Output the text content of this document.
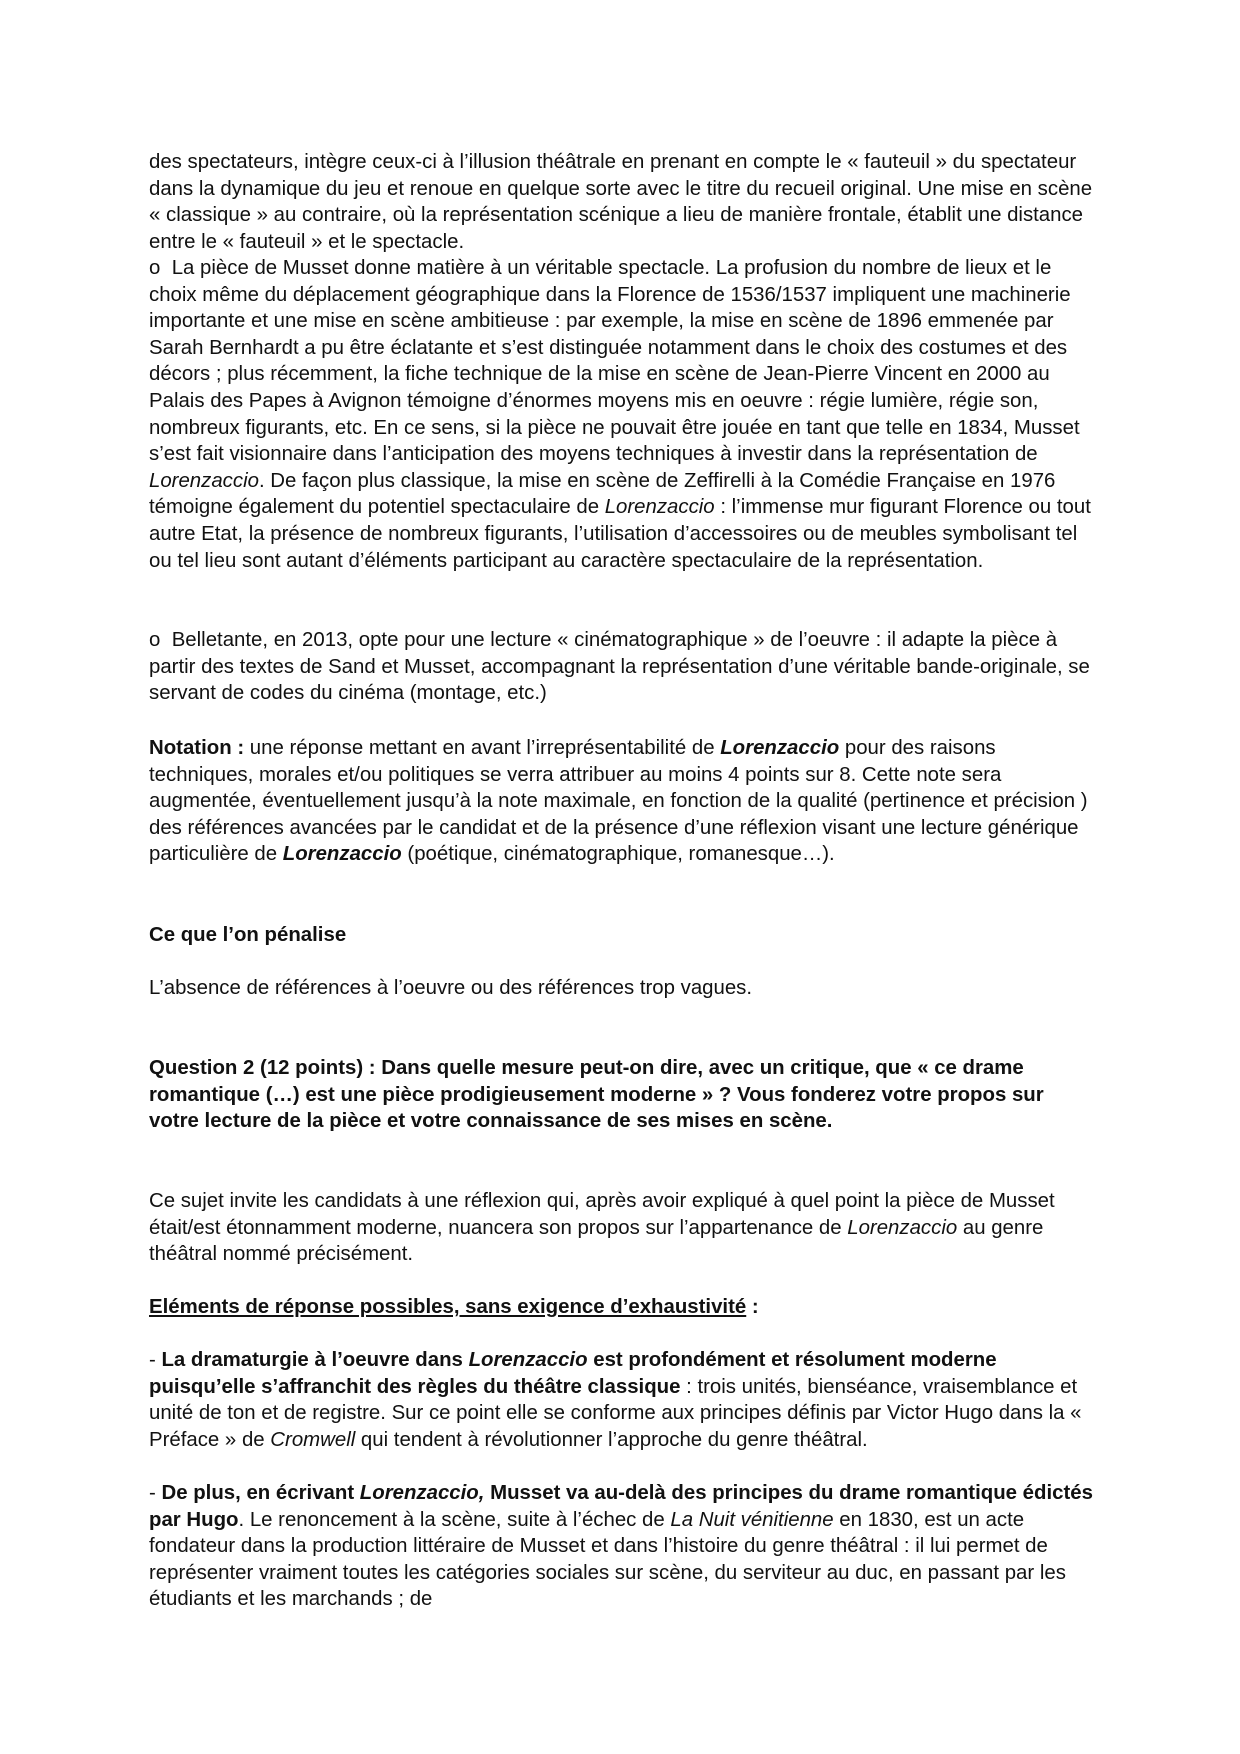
des spectateurs, intègre ceux-ci à l’illusion théâtrale en prenant en compte le « fauteuil » du spectateur dans la dynamique du jeu et renoue en quelque sorte avec le titre du recueil original. Une mise en scène « classique » au contraire, où la représentation scénique a lieu de manière frontale, établit une distance entre le « fauteuil » et le spectacle.

o La pièce de Musset donne matière à un véritable spectacle. La profusion du nombre de lieux et le choix même du déplacement géographique dans la Florence de 1536/1537 impliquent une machinerie importante et une mise en scène ambitieuse : par exemple, la mise en scène de 1896 emmenée par Sarah Bernhardt a pu être éclatante et s’est distinguée notamment dans le choix des costumes et des décors ; plus récemment, la fiche technique de la mise en scène de Jean-Pierre Vincent en 2000 au Palais des Papes à Avignon témoigne d’énormes moyens mis en oeuvre : régie lumière, régie son, nombreux figurants, etc. En ce sens, si la pièce ne pouvait être jouée en tant que telle en 1834, Musset s’est fait visionnaire dans l’anticipation des moyens techniques à investir dans la représentation de Lorenzaccio. De façon plus classique, la mise en scène de Zeffirelli à la Comédie Française en 1976 témoigne également du potentiel spectaculaire de Lorenzaccio : l’immense mur figurant Florence ou tout autre Etat, la présence de nombreux figurants, l’utilisation d’accessoires ou de meubles symbolisant tel ou tel lieu sont autant d’éléments participant au caractère spectaculaire de la représentation.

o Belletante, en 2013, opte pour une lecture « cinématographique » de l’oeuvre : il adapte la pièce à partir des textes de Sand et Musset, accompagnant la représentation d’une véritable bande-originale, se servant de codes du cinéma (montage, etc.)

Notation : une réponse mettant en avant l’irreprésentabilité de Lorenzaccio pour des raisons techniques, morales et/ou politiques se verra attribuer au moins 4 points sur 8. Cette note sera augmentée, éventuellement jusqu’à la note maximale, en fonction de la qualité (pertinence et précision ) des références avancées par le candidat et de la présence d’une réflexion visant une lecture générique particulière de Lorenzaccio (poétique, cinématographique, romanesque…).

Ce que l’on pénalise

L’absence de références à l’oeuvre ou des références trop vagues.

Question 2 (12 points) : Dans quelle mesure peut-on dire, avec un critique, que « ce drame romantique (…) est une pièce prodigieusement moderne » ? Vous fonderez votre propos sur votre lecture de la pièce et votre connaissance de ses mises en scène.

Ce sujet invite les candidats à une réflexion qui, après avoir expliqué à quel point la pièce de Musset était/est étonnamment moderne, nuancera son propos sur l’appartenance de Lorenzaccio au genre théâtral nommé précisément.

Eléments de réponse possibles, sans exigence d’exhaustivité :

- La dramaturgie à l’oeuvre dans Lorenzaccio est profondément et résolument moderne puisqu’elle s’affranchit des règles du théâtre classique : trois unités, bienséance, vraisemblance et unité de ton et de registre. Sur ce point elle se conforme aux principes définis par Victor Hugo dans la « Préface » de Cromwell qui tendent à révolutionner l’approche du genre théâtral.

- De plus, en écrivant Lorenzaccio, Musset va au-delà des principes du drame romantique édictés par Hugo. Le renoncement à la scène, suite à l’échec de La Nuit vénitienne en 1830, est un acte fondateur dans la production littéraire de Musset et dans l’histoire du genre théâtral : il lui permet de représenter vraiment toutes les catégories sociales sur scène, du serviteur au duc, en passant par les étudiants et les marchands ; de
